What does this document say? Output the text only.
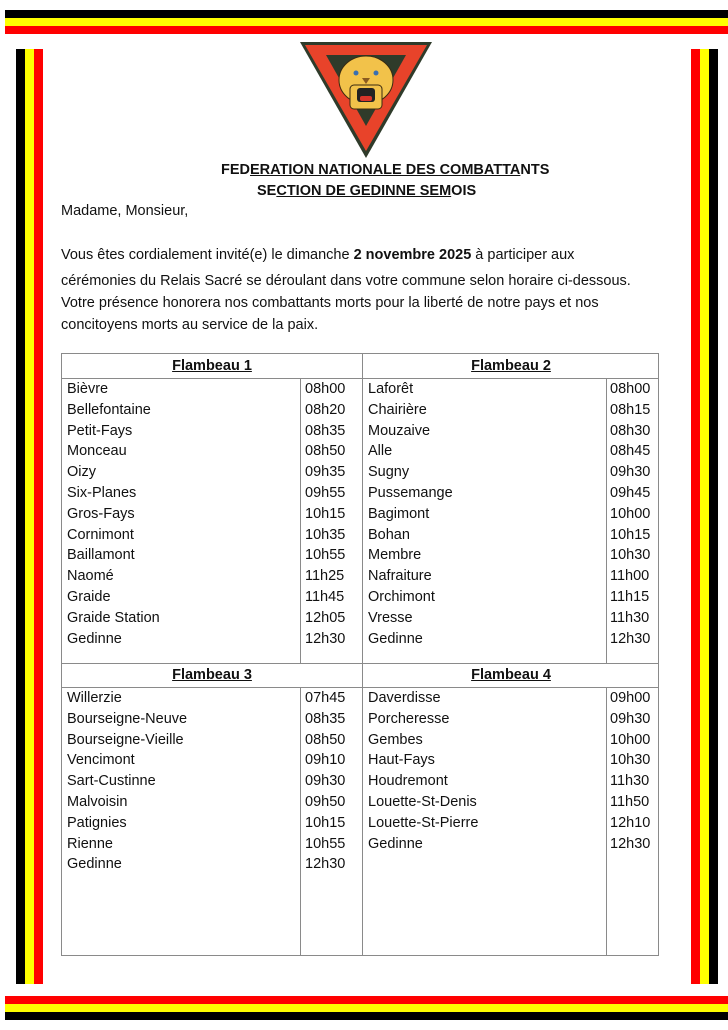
FEDERATION NATIONALE DES COMBATTANTS
SECTION DE GEDINNE SEMOIS
Madame, Monsieur,
Vous êtes cordialement invité(e) le dimanche 2 novembre 2025 à participer aux
cérémonies du Relais Sacré se déroulant dans votre commune selon horaire ci-dessous. Votre présence honorera nos combattants morts pour la liberté de notre pays et nos concitoyens morts au service de la paix.
Flambeau 1	Flambeau 2
Bièvre
Bellefontaine
Petit-Fays
Monceau
Oizy
Six-Planes
Gros-Fays
Cornimont
Baillamont
Naomé
Graide
Graide Station
Gedinne
08h00
08h20
08h35
08h50
09h35
09h55
10h15
10h35
10h55
11h25
11h45
12h05
12h30
Laforêt
Chairière
Mouzaive
Alle
Sugny
Pussemange
Bagimont
Bohan
Membre
Nafraiture
Orchimont
Vresse
Gedinne
08h00
08h15
08h30
08h45
09h30
09h45
10h00
10h15
10h30
11h00
11h15
11h30
12h30
Flambeau 3	Flambeau 4
Willerzie
Bourseigne-Neuve
Bourseigne-Vieille
Vencimont
Sart-Custinne
Malvoisin
Patignies
Rienne
Gedinne
07h45
08h35
08h50
09h10
09h30
09h50
10h15
10h55
12h30
Daverdisse
Porcheresse
Gembes
Haut-Fays
Houdremont
Louette-St-Denis
Louette-St-Pierre
Gedinne
09h00
09h30
10h00
10h30
11h30
11h50
12h10
12h30
